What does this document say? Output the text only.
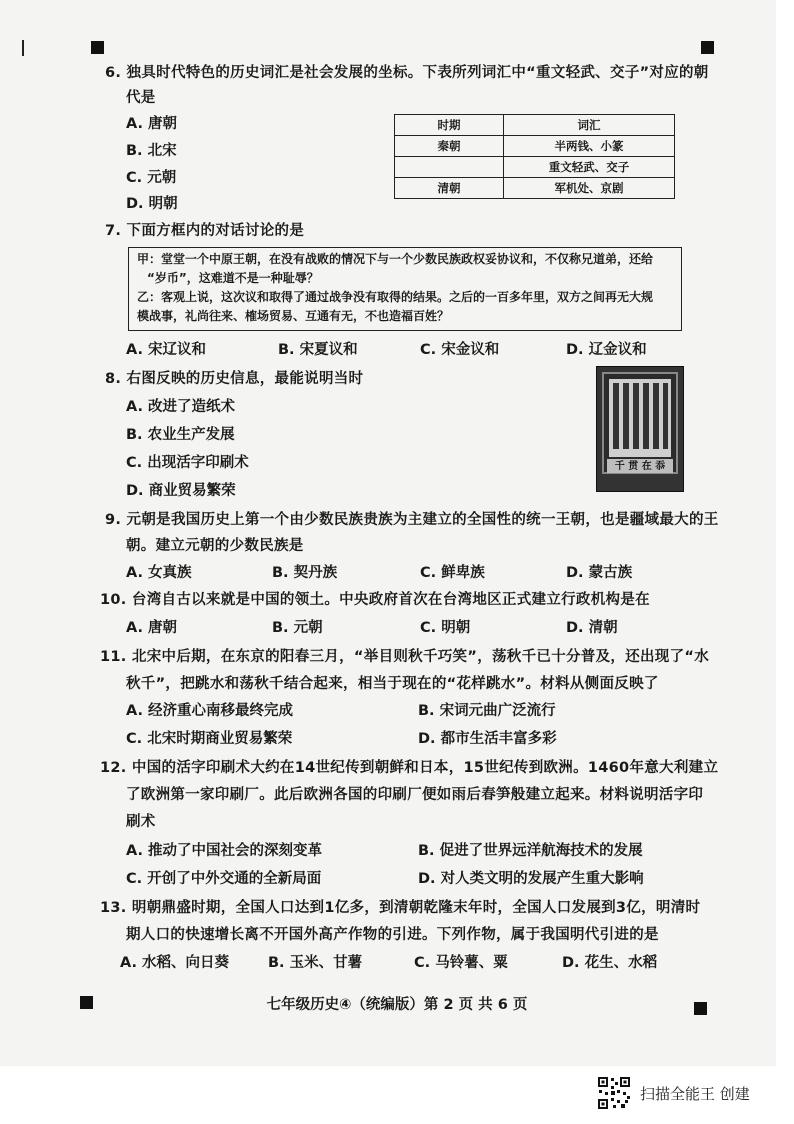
6. 独具时代特色的历史词汇是社会发展的坐标。下表所列词汇中“重文轻武、交子”对应的朝
代是
A. 唐朝
B. 北宋
C. 元朝
D. 明朝
时期	词汇
秦朝	半两钱、小篆
	重文轻武、交子
清朝	军机处、京剧
7. 下面方框内的对话讨论的是
甲：堂堂一个中原王朝，在没有战败的情况下与一个少数民族政权妥协议和，不仅称兄道弟，还给
“岁币”，这难道不是一种耻辱？
乙：客观上说，这次议和取得了通过战争没有取得的结果。之后的一百多年里，双方之间再无大规
模战事，礼尚往来、榷场贸易、互通有无，不也造福百姓？
A. 宋辽议和	B. 宋夏议和	C. 宋金议和	D. 辽金议和
8. 右图反映的历史信息，最能说明当时
A. 改进了造纸术
B. 农业生产发展
C. 出现活字印刷术
D. 商业贸易繁荣
千 贯 在 忝
9. 元朝是我国历史上第一个由少数民族贵族为主建立的全国性的统一王朝，也是疆域最大的王
朝。建立元朝的少数民族是
A. 女真族	B. 契丹族	C. 鲜卑族	D. 蒙古族
10. 台湾自古以来就是中国的领土。中央政府首次在台湾地区正式建立行政机构是在
A. 唐朝	B. 元朝	C. 明朝	D. 清朝
11. 北宋中后期，在东京的阳春三月，“举目则秋千巧笑”，荡秋千已十分普及，还出现了“水
秋千”，把跳水和荡秋千结合起来，相当于现在的“花样跳水”。材料从侧面反映了
A. 经济重心南移最终完成	B. 宋词元曲广泛流行
C. 北宋时期商业贸易繁荣	D. 都市生活丰富多彩
12. 中国的活字印刷术大约在14世纪传到朝鲜和日本，15世纪传到欧洲。1460年意大利建立
了欧洲第一家印刷厂。此后欧洲各国的印刷厂便如雨后春笋般建立起来。材料说明活字印
刷术
A. 推动了中国社会的深刻变革	B. 促进了世界远洋航海技术的发展
C. 开创了中外交通的全新局面	D. 对人类文明的发展产生重大影响
13. 明朝鼎盛时期，全国人口达到1亿多，到清朝乾隆末年时，全国人口发展到3亿，明清时
期人口的快速增长离不开国外高产作物的引进。下列作物，属于我国明代引进的是
A. 水稻、向日葵	B. 玉米、甘薯	C. 马铃薯、粟	D. 花生、水稻
七年级历史④（统编版）第 2 页 共 6 页
扫描全能王 创建
